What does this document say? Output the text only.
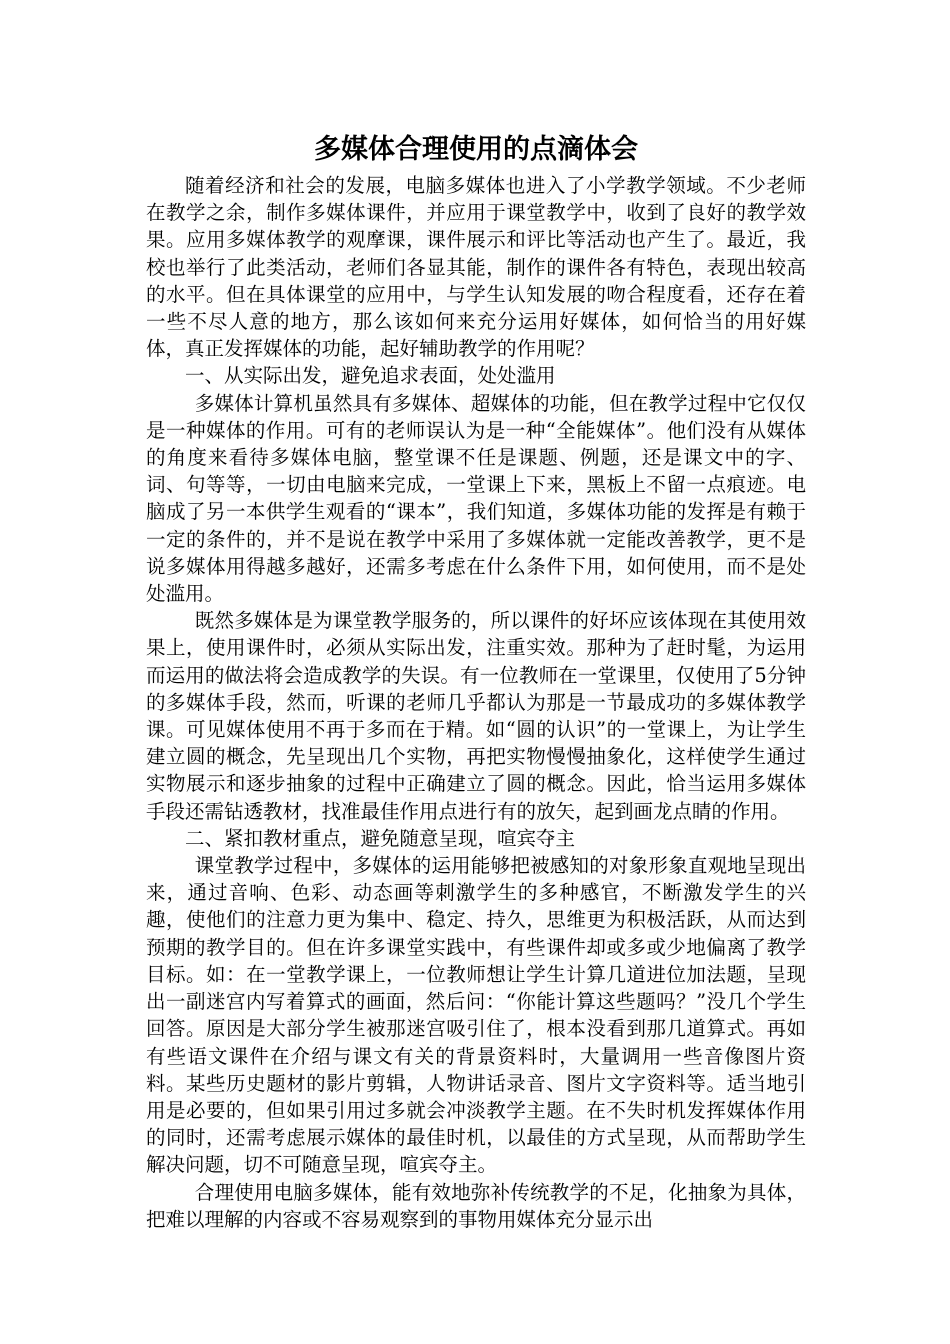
多媒体合理使用的点滴体会

随着经济和社会的发展，电脑多媒体也进入了小学教学领域。不少老师在教学之余，制作多媒体课件，并应用于课堂教学中，收到了良好的教学效果。应用多媒体教学的观摩课，课件展示和评比等活动也产生了。最近，我校也举行了此类活动，老师们各显其能，制作的课件各有特色，表现出较高的水平。但在具体课堂的应用中，与学生认知发展的吻合程度看，还存在着一些不尽人意的地方，那么该如何来充分运用好媒体，如何恰当的用好媒体，真正发挥媒体的功能，起好辅助教学的作用呢？

一、从实际出发，避免追求表面，处处滥用

多媒体计算机虽然具有多媒体、超媒体的功能，但在教学过程中它仅仅是一种媒体的作用。可有的老师误认为是一种“全能媒体”。他们没有从媒体的角度来看待多媒体电脑，整堂课不任是课题、例题，还是课文中的字、词、句等等，一切由电脑来完成，一堂课上下来，黑板上不留一点痕迹。电脑成了另一本供学生观看的“课本”，我们知道，多媒体功能的发挥是有赖于一定的条件的，并不是说在教学中采用了多媒体就一定能改善教学，更不是说多媒体用得越多越好，还需多考虑在什么条件下用，如何使用，而不是处处滥用。

既然多媒体是为课堂教学服务的，所以课件的好坏应该体现在其使用效果上，使用课件时，必须从实际出发，注重实效。那种为了赶时髦，为运用而运用的做法将会造成教学的失误。有一位教师在一堂课里，仅使用了5分钟的多媒体手段，然而，听课的老师几乎都认为那是一节最成功的多媒体教学课。可见媒体使用不再于多而在于精。如“圆的认识”的一堂课上，为让学生建立圆的概念，先呈现出几个实物，再把实物慢慢抽象化，这样使学生通过实物展示和逐步抽象的过程中正确建立了圆的概念。因此，恰当运用多媒体手段还需钻透教材，找准最佳作用点进行有的放矢，起到画龙点睛的作用。

二、紧扣教材重点，避免随意呈现，喧宾夺主

课堂教学过程中，多媒体的运用能够把被感知的对象形象直观地呈现出来，通过音响、色彩、动态画等刺激学生的多种感官，不断激发学生的兴趣，使他们的注意力更为集中、稳定、持久，思维更为积极活跃，从而达到预期的教学目的。但在许多课堂实践中，有些课件却或多或少地偏离了教学目标。如：在一堂教学课上，一位教师想让学生计算几道进位加法题，呈现出一副迷宫内写着算式的画面，然后问：“你能计算这些题吗？”没几个学生回答。原因是大部分学生被那迷宫吸引住了，根本没看到那几道算式。再如有些语文课件在介绍与课文有关的背景资料时，大量调用一些音像图片资料。某些历史题材的影片剪辑，人物讲话录音、图片文字资料等。适当地引用是必要的，但如果引用过多就会冲淡教学主题。在不失时机发挥媒体作用的同时，还需考虑展示媒体的最佳时机，以最佳的方式呈现，从而帮助学生解决问题，切不可随意呈现，喧宾夺主。

合理使用电脑多媒体，能有效地弥补传统教学的不足，化抽象为具体，把难以理解的内容或不容易观察到的事物用媒体充分显示出
